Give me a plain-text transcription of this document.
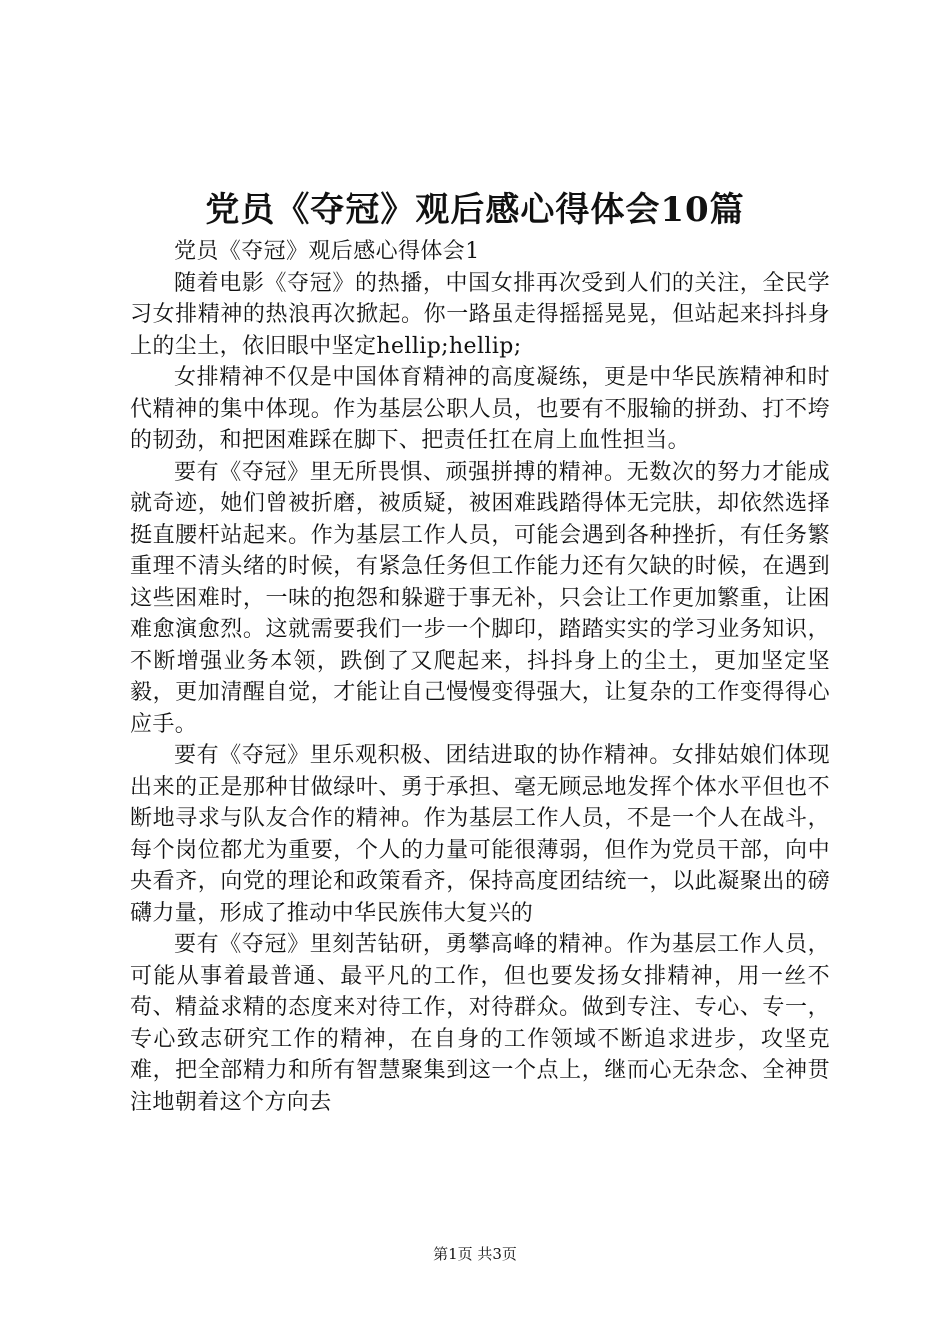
党员《夺冠》观后感心得体会10篇

党员《夺冠》观后感心得体会1

随着电影《夺冠》的热播，中国女排再次受到人们的关注，全民学习女排精神的热浪再次掀起。你一路虽走得摇摇晃晃，但站起来抖抖身上的尘土，依旧眼中坚定hellip;hellip;

女排精神不仅是中国体育精神的高度凝练，更是中华民族精神和时代精神的集中体现。作为基层公职人员，也要有不服输的拼劲、打不垮的韧劲，和把困难踩在脚下、把责任扛在肩上血性担当。

要有《夺冠》里无所畏惧、顽强拼搏的精神。无数次的努力才能成就奇迹，她们曾被折磨，被质疑，被困难践踏得体无完肤，却依然选择挺直腰杆站起来。作为基层工作人员，可能会遇到各种挫折，有任务繁重理不清头绪的时候，有紧急任务但工作能力还有欠缺的时候，在遇到这些困难时，一味的抱怨和躲避于事无补，只会让工作更加繁重，让困难愈演愈烈。这就需要我们一步一个脚印，踏踏实实的学习业务知识，不断增强业务本领，跌倒了又爬起来，抖抖身上的尘土，更加坚定坚毅，更加清醒自觉，才能让自己慢慢变得强大，让复杂的工作变得得心应手。

要有《夺冠》里乐观积极、团结进取的协作精神。女排姑娘们体现出来的正是那种甘做绿叶、勇于承担、毫无顾忌地发挥个体水平但也不断地寻求与队友合作的精神。作为基层工作人员，不是一个人在战斗，每个岗位都尤为重要，个人的力量可能很薄弱，但作为党员干部，向中央看齐，向党的理论和政策看齐，保持高度团结统一，以此凝聚出的磅礴力量，形成了推动中华民族伟大复兴的

要有《夺冠》里刻苦钻研，勇攀高峰的精神。作为基层工作人员，可能从事着最普通、最平凡的工作，但也要发扬女排精神，用一丝不苟、精益求精的态度来对待工作，对待群众。做到专注、专心、专一，专心致志研究工作的精神，在自身的工作领域不断追求进步，攻坚克难，把全部精力和所有智慧聚集到这一个点上，继而心无杂念、全神贯注地朝着这个方向去

第1页 共3页
